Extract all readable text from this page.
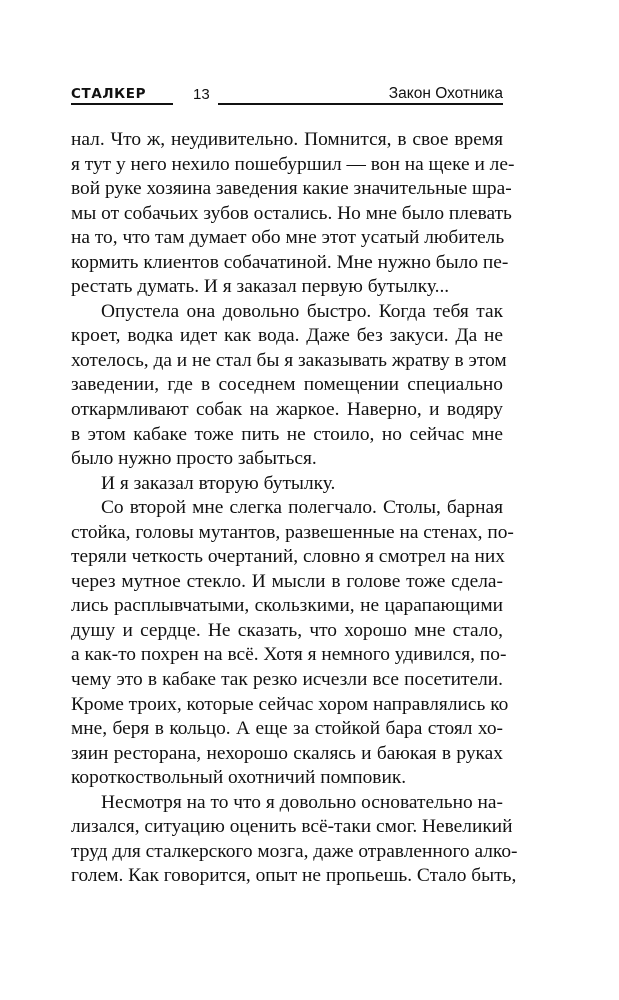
СТАЛКЕР	13	Закон Охотника
нал. Что ж, неудивительно. Помнится, в свое время
я тут у него нехило пошебуршил — вон на щеке и ле-
вой руке хозяина заведения какие значительные шра-
мы от собачьих зубов остались. Но мне было плевать
на то, что там думает обо мне этот усатый любитель
кормить клиентов собачатиной. Мне нужно было пе-
рестать думать. И я заказал первую бутылку...
Опустела она довольно быстро. Когда тебя так
кроет, водка идет как вода. Даже без закуси. Да не
хотелось, да и не стал бы я заказывать жратву в этом
заведении, где в соседнем помещении специально
откармливают собак на жаркое. Наверно, и водяру
в этом кабаке тоже пить не стоило, но сейчас мне
было нужно просто забыться.
И я заказал вторую бутылку.
Со второй мне слегка полегчало. Столы, барная
стойка, головы мутантов, развешенные на стенах, по-
теряли четкость очертаний, словно я смотрел на них
через мутное стекло. И мысли в голове тоже сдела-
лись расплывчатыми, скользкими, не царапающими
душу и сердце. Не сказать, что хорошо мне стало,
а как-то похрен на всё. Хотя я немного удивился, по-
чему это в кабаке так резко исчезли все посетители.
Кроме троих, которые сейчас хором направлялись ко
мне, беря в кольцо. А еще за стойкой бара стоял хо-
зяин ресторана, нехорошо скалясь и баюкая в руках
короткоствольный охотничий помповик.
Несмотря на то что я довольно основательно на-
лизался, ситуацию оценить всё-таки смог. Невеликий
труд для сталкерского мозга, даже отравленного алко-
голем. Как говорится, опыт не пропьешь. Стало быть,
